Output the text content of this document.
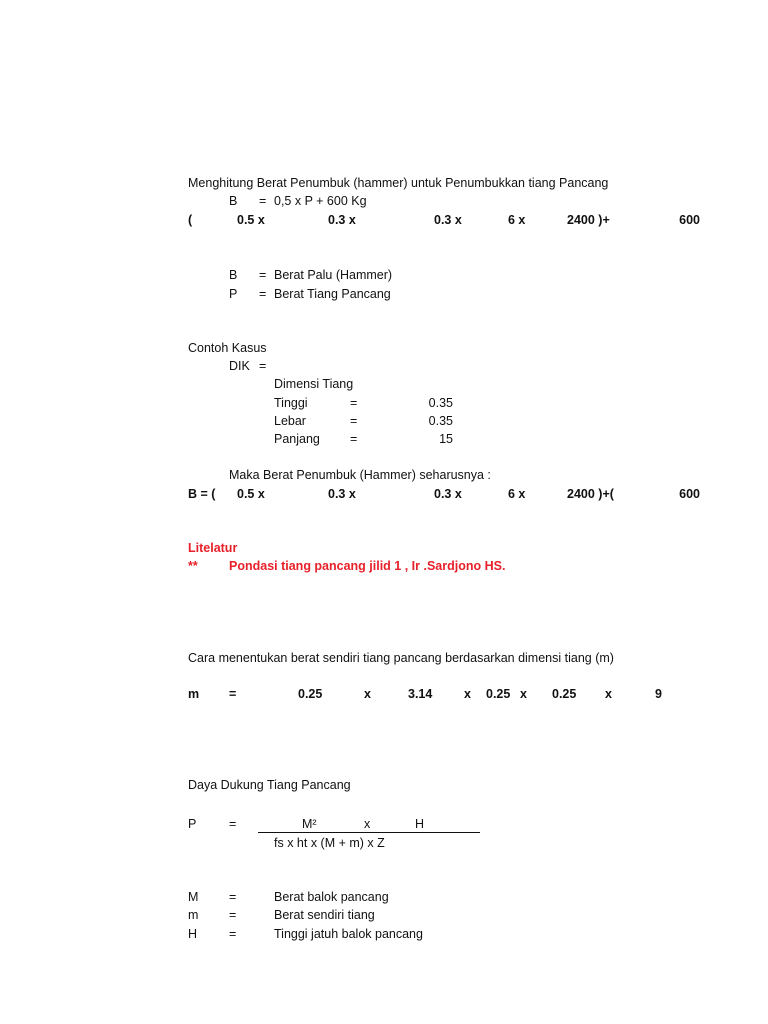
Menghitung Berat Penumbuk (hammer) untuk Penumbukkan tiang Pancang
B = 0,5 x P + 600 Kg
(	0.5 x	0.3 x	0.3 x	6 x	2400 )+	600
B = Berat Palu (Hammer)
P = Berat Tiang Pancang
Contoh Kasus
DIK =
Dimensi Tiang
Tinggi	=	0.35
Lebar	=	0.35
Panjang =	15
Maka Berat Penumbuk (Hammer) seharusnya :
B = ( 0.5 x	0.3 x	0.3 x	6 x	2400 )+(	600
Litelatur
**	Pondasi tiang pancang jilid 1 , Ir .Sardjono HS.
Cara menentukan berat sendiri tiang pancang berdasarkan dimensi tiang (m)
m =	0.25	x	3.14	x 0.25 x 0.25 x	9
Daya Dukung Tiang Pancang
P	=	M²	x	H
fs x ht x (M + m) x Z
M =	Berat balok pancang
m =	Berat sendiri tiang
H	=	Tinggi jatuh balok pancang
